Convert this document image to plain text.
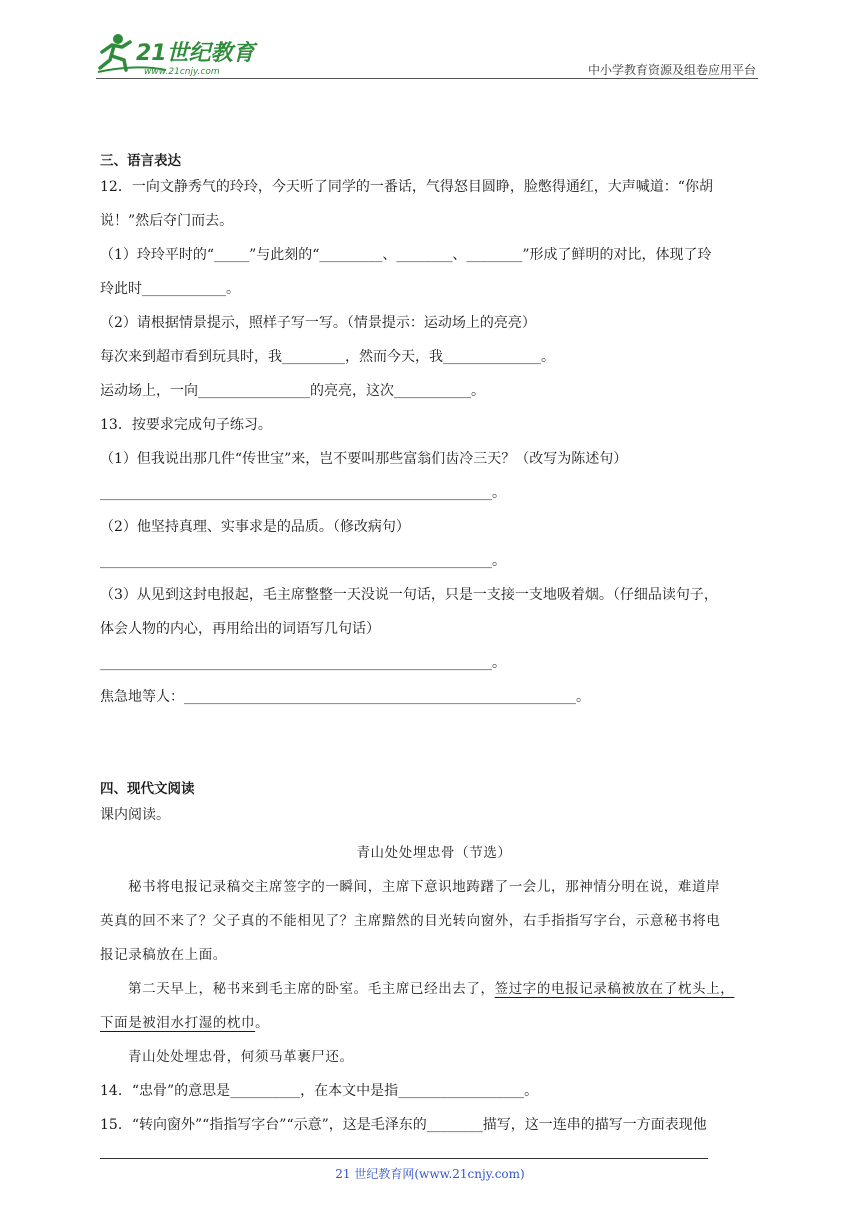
21世纪教育
www.21cnjy.com	中小学教育资源及组卷应用平台
三、语言表达
12．一向文静秀气的玲玲，今天听了同学的一番话，气得怒目圆睁，脸憋得通红，大声喊道：“你胡
说！”然后夺门而去。
（1）玲玲平时的“_____”与此刻的“_________、________、________”形成了鲜明的对比，体现了玲
玲此时____________。
（2）请根据情景提示，照样子写一写。（情景提示：运动场上的亮亮）
每次来到超市看到玩具时，我_________，然而今天，我______________。
运动场上，一向________________的亮亮，这次___________。
13．按要求完成句子练习。
（1）但我说出那几件“传世宝”来，岂不要叫那些富翁们齿冷三天？（改写为陈述句）
________________________________________________________。
（2）他坚持真理、实事求是的品质。（修改病句）
________________________________________________________。
（3）从见到这封电报起，毛主席整整一天没说一句话，只是一支接一支地吸着烟。（仔细品读句子，
体会人物的内心，再用给出的词语写几句话）
________________________________________________________。
焦急地等人：________________________________________________________。
四、现代文阅读
课内阅读。
青山处处埋忠骨（节选）
秘书将电报记录稿交主席签字的一瞬间，主席下意识地踌躇了一会儿，那神情分明在说，难道岸
英真的回不来了？父子真的不能相见了？主席黯然的目光转向窗外，右手指指写字台，示意秘书将电
报记录稿放在上面。
第二天早上，秘书来到毛主席的卧室。毛主席已经出去了，签过字的电报记录稿被放在了枕头上，
下面是被泪水打湿的枕巾。
青山处处埋忠骨，何须马革裹尸还。
14．“忠骨”的意思是__________，在本文中是指__________________。
15．“转向窗外”“指指写字台”“示意”，这是毛泽东的________描写，这一连串的描写一方面表现他
21 世纪教育网(www.21cnjy.com)
